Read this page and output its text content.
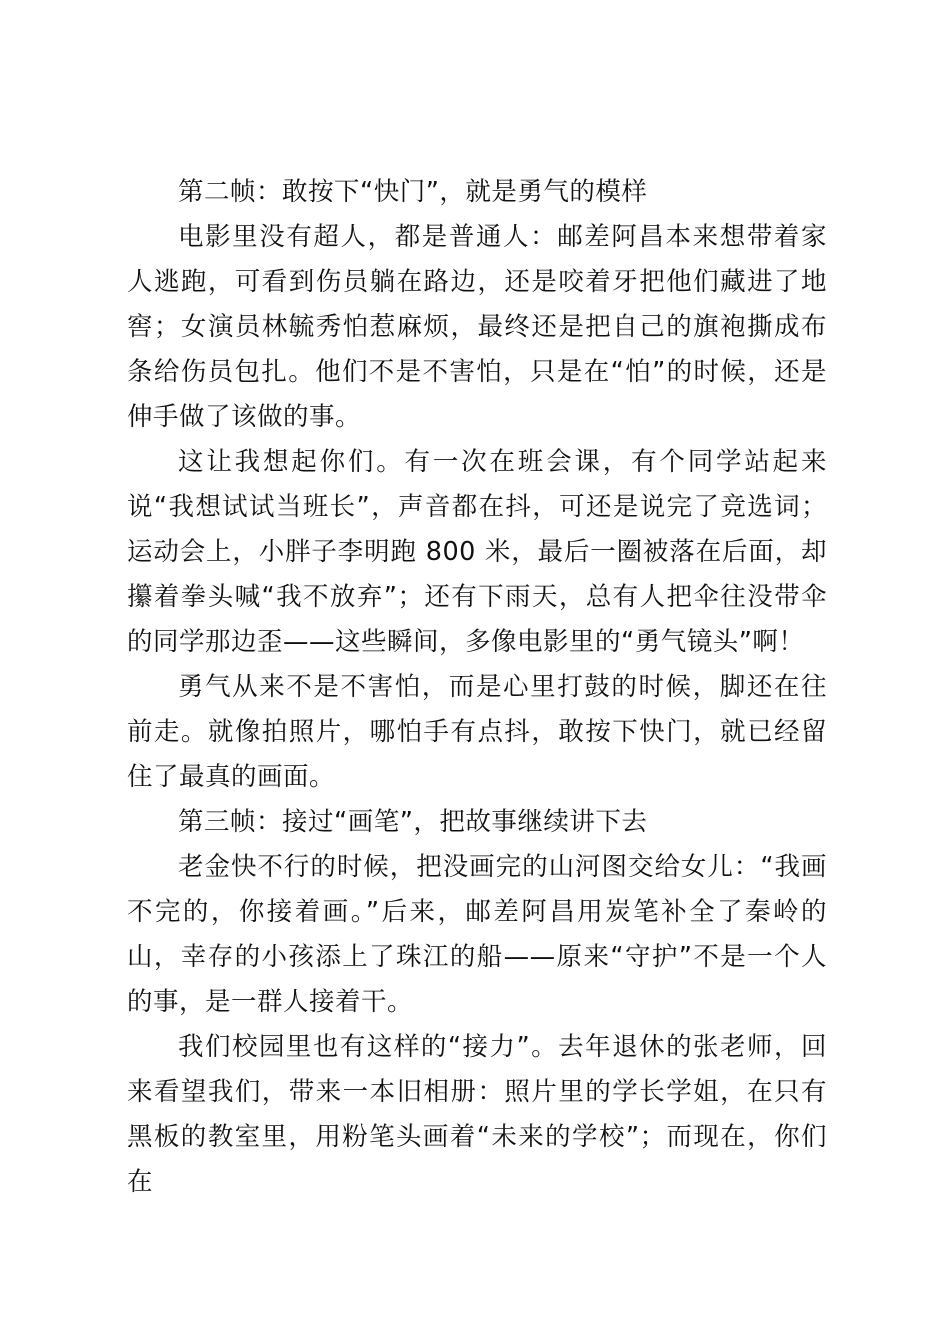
第二帧：敢按下“快门”，就是勇气的模样

电影里没有超人，都是普通人：邮差阿昌本来想带着家人逃跑，可看到伤员躺在路边，还是咬着牙把他们藏进了地窖；女演员林毓秀怕惹麻烦，最终还是把自己的旗袍撕成布条给伤员包扎。他们不是不害怕，只是在“怕”的时候，还是伸手做了该做的事。

这让我想起你们。有一次在班会课，有个同学站起来说“我想试试当班长”，声音都在抖，可还是说完了竞选词；运动会上，小胖子李明跑 800 米，最后一圈被落在后面，却攥着拳头喊“我不放弃”；还有下雨天，总有人把伞往没带伞的同学那边歪——这些瞬间，多像电影里的“勇气镜头”啊！

勇气从来不是不害怕，而是心里打鼓的时候，脚还在往前走。就像拍照片，哪怕手有点抖，敢按下快门，就已经留住了最真的画面。

第三帧：接过“画笔”，把故事继续讲下去

老金快不行的时候，把没画完的山河图交给女儿：“我画不完的，你接着画。”后来，邮差阿昌用炭笔补全了秦岭的山，幸存的小孩添上了珠江的船——原来“守护”不是一个人的事，是一群人接着干。

我们校园里也有这样的“接力”。去年退休的张老师，回来看望我们，带来一本旧相册：照片里的学长学姐，在只有黑板的教室里，用粉笔头画着“未来的学校”；而现在，你们在
